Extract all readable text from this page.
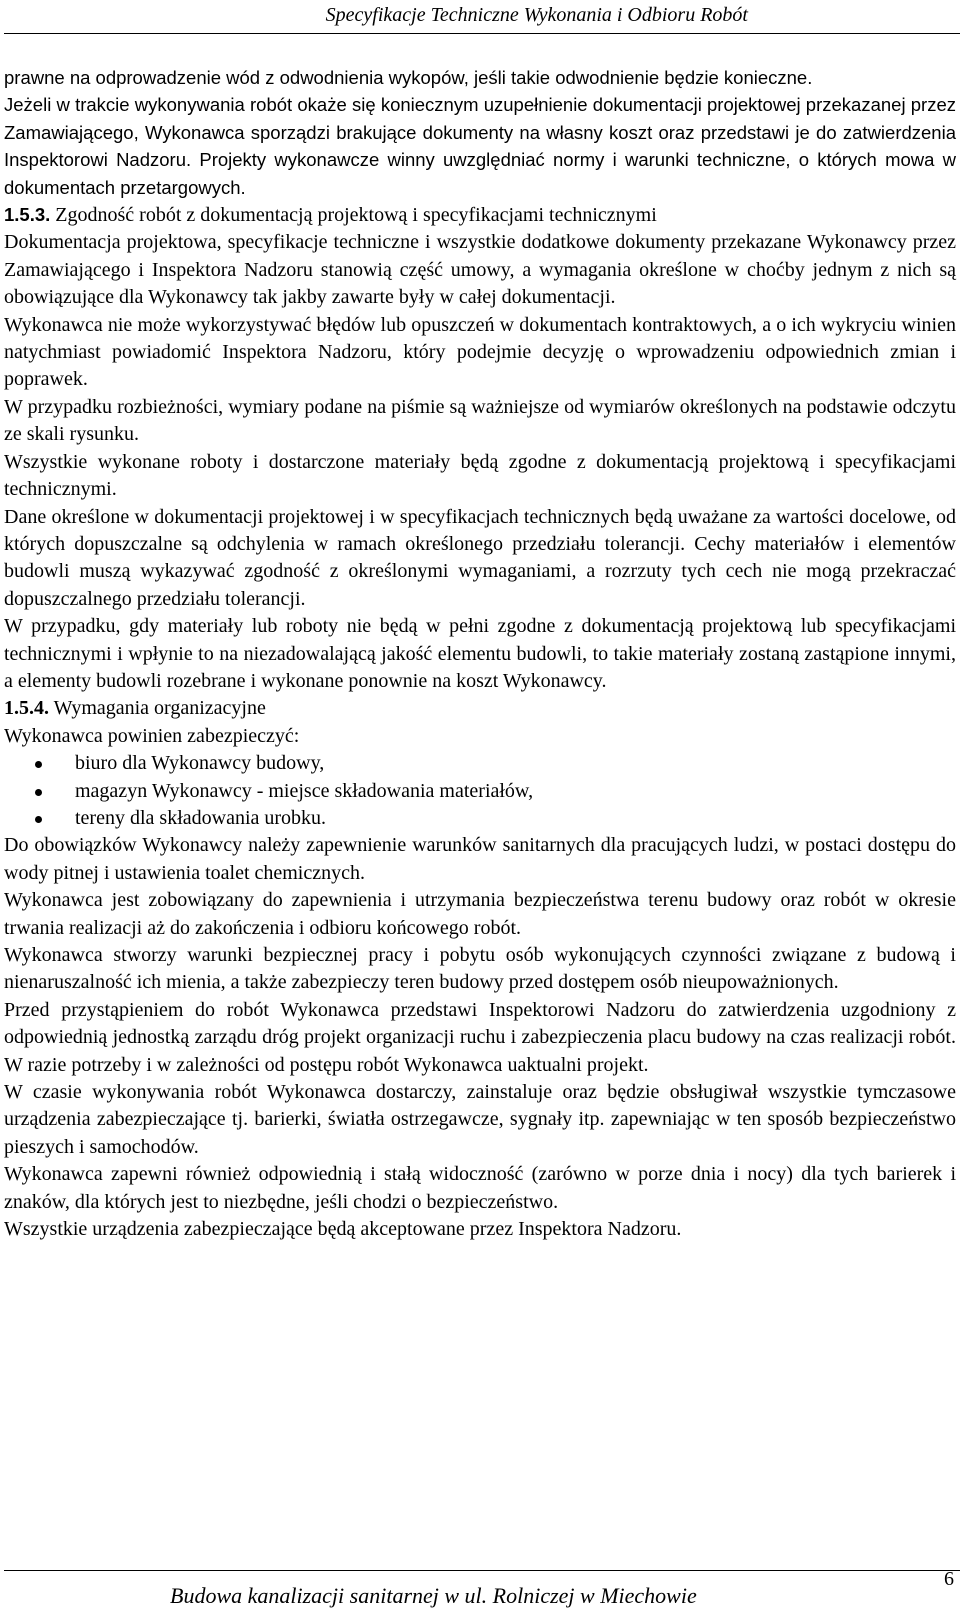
Specyfikacje Techniczne Wykonania i Odbioru Robót

prawne na odprowadzenie wód z odwodnienia wykopów, jeśli takie odwodnienie będzie konieczne.

Jeżeli w trakcie wykonywania robót okaże się koniecznym uzupełnienie dokumentacji projektowej przekazanej przez Zamawiającego, Wykonawca sporządzi brakujące dokumenty na własny koszt oraz przedstawi je do zatwierdzenia Inspektorowi Nadzoru. Projekty wykonawcze winny uwzględniać normy i warunki techniczne, o których mowa w dokumentach przetargowych.

1.5.3. Zgodność robót z dokumentacją projektową i specyfikacjami technicznymi

Dokumentacja projektowa, specyfikacje techniczne i wszystkie dodatkowe dokumenty przekazane Wykonawcy przez Zamawiającego i Inspektora Nadzoru stanowią część umowy, a wymagania określone w choćby jednym z nich są obowiązujące dla Wykonawcy tak jakby zawarte były w całej dokumentacji.

Wykonawca nie może wykorzystywać błędów lub opuszczeń w dokumentach kontraktowych, a o ich wykryciu winien natychmiast powiadomić Inspektora Nadzoru, który podejmie decyzję o wprowadzeniu odpowiednich zmian i poprawek.

W przypadku rozbieżności, wymiary podane na piśmie są ważniejsze od wymiarów określonych na podstawie odczytu ze skali rysunku.

Wszystkie wykonane roboty i dostarczone materiały będą zgodne z dokumentacją projektową i specyfikacjami technicznymi.

Dane określone w dokumentacji projektowej i w specyfikacjach technicznych będą uważane za wartości docelowe, od których dopuszczalne są odchylenia w ramach określonego przedziału tolerancji. Cechy materiałów i elementów budowli muszą wykazywać zgodność z określonymi wymaganiami, a rozrzuty tych cech nie mogą przekraczać dopuszczalnego przedziału tolerancji.

W przypadku, gdy materiały lub roboty nie będą w pełni zgodne z dokumentacją projektową lub specyfikacjami technicznymi i wpłynie to na niezadowalającą jakość elementu budowli, to takie materiały zostaną zastąpione innymi, a elementy budowli rozebrane i wykonane ponownie na koszt Wykonawcy.

1.5.4. Wymagania organizacyjne

Wykonawca powinien zabezpieczyć:

biuro dla Wykonawcy budowy,
magazyn Wykonawcy - miejsce składowania materiałów,
tereny dla składowania urobku.

Do obowiązków Wykonawcy należy zapewnienie warunków sanitarnych dla pracujących ludzi, w postaci dostępu do wody pitnej i ustawienia toalet chemicznych.

Wykonawca jest zobowiązany do zapewnienia i utrzymania bezpieczeństwa terenu budowy oraz robót w okresie trwania realizacji aż do zakończenia i odbioru końcowego robót.

Wykonawca stworzy warunki bezpiecznej pracy i pobytu osób wykonujących czynności związane z budową i nienaruszalność ich mienia, a także zabezpieczy teren budowy przed dostępem osób nieupoważnionych.

Przed przystąpieniem do robót Wykonawca przedstawi Inspektorowi Nadzoru do zatwierdzenia uzgodniony z odpowiednią jednostką zarządu dróg projekt organizacji ruchu i zabezpieczenia placu budowy na czas realizacji robót. W razie potrzeby i w zależności od postępu robót Wykonawca uaktualni projekt.

W czasie wykonywania robót Wykonawca dostarczy, zainstaluje oraz będzie obsługiwał wszystkie tymczasowe urządzenia zabezpieczające tj. barierki, światła ostrzegawcze, sygnały itp. zapewniając w ten sposób bezpieczeństwo pieszych i samochodów.

Wykonawca zapewni również odpowiednią i stałą widoczność (zarówno w porze dnia i nocy) dla tych barierek i znaków, dla których jest to niezbędne, jeśli chodzi o bezpieczeństwo.

Wszystkie urządzenia zabezpieczające będą akceptowane przez Inspektora Nadzoru.

Budowa kanalizacji sanitarnej w ul. Rolniczej w Miechowie
6
